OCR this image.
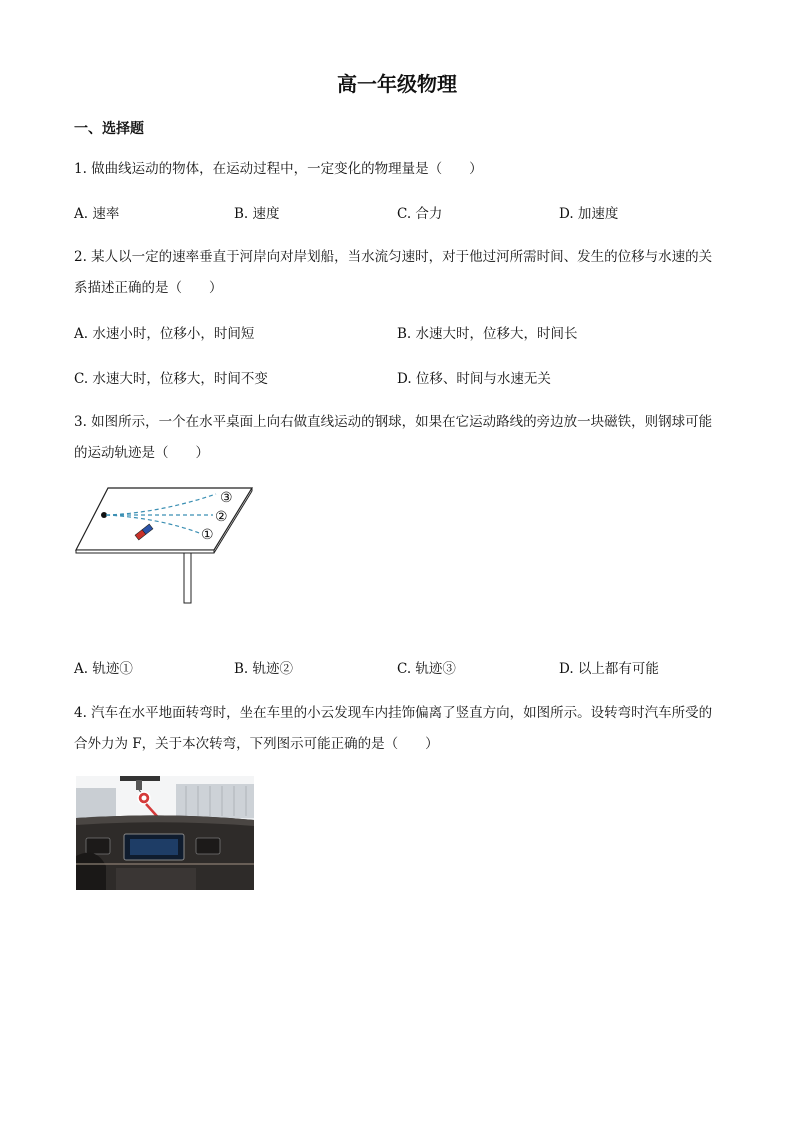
高一年级物理
一、选择题
1. 做曲线运动的物体，在运动过程中，一定变化的物理量是（　　）
A. 速率	B. 速度	C. 合力	D. 加速度
2. 某人以一定的速率垂直于河岸向对岸划船，当水流匀速时，对于他过河所需时间、发生的位移与水速的关系描述正确的是（　　）
A. 水速小时，位移小，时间短	B. 水速大时，位移大，时间长
C. 水速大时，位移大，时间不变	D. 位移、时间与水速无关
3. 如图所示，一个在水平桌面上向右做直线运动的钢球，如果在它运动路线的旁边放一块磁铁，则钢球可能的运动轨迹是（　　）
③
②
①
A. 轨迹①	B. 轨迹②	C. 轨迹③	D. 以上都有可能
4. 汽车在水平地面转弯时，坐在车里的小云发现车内挂饰偏离了竖直方向，如图所示。设转弯时汽车所受的合外力为 F，关于本次转弯，下列图示可能正确的是（　　）
